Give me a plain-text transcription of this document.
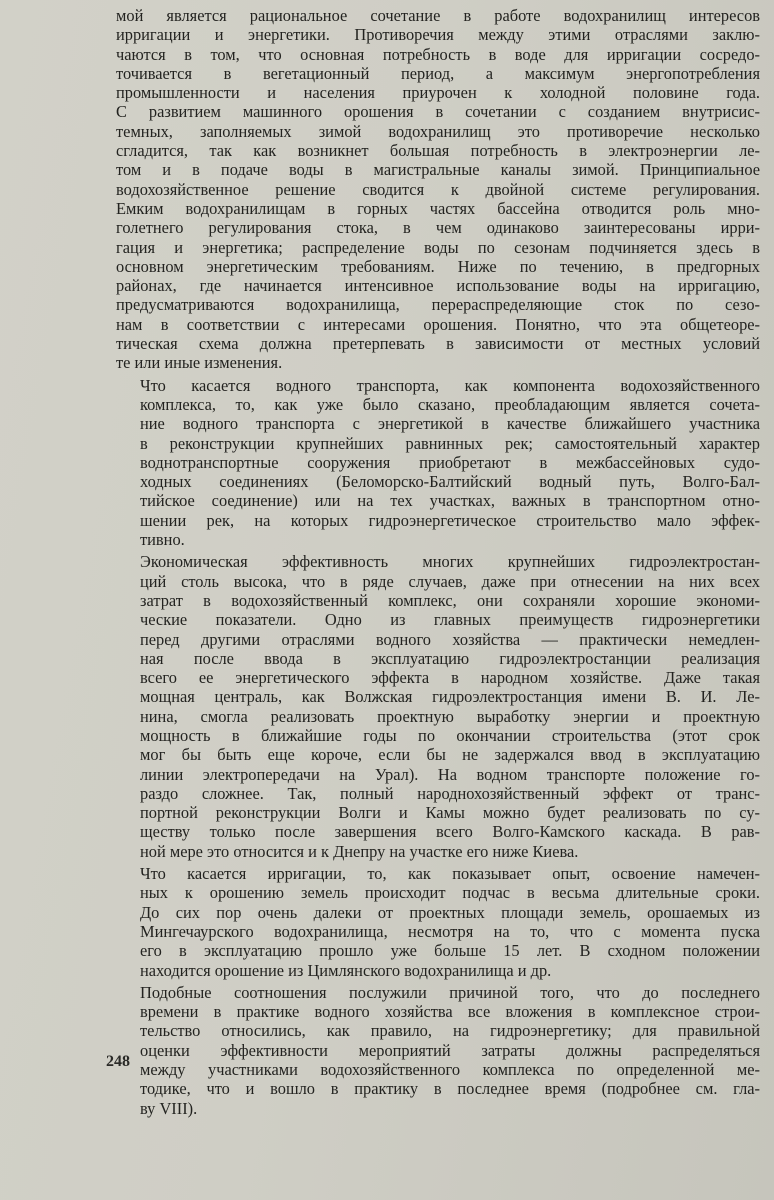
мой является рациональное сочетание в работе водохранилищ интересов
ирригации и энергетики. Противоречия между этими отраслями заклю-
чаются в том, что основная потребность в воде для ирригации сосредо-
точивается в вегетационный период, а максимум энергопотребления
промышленности и населения приурочен к холодной половине года.
С развитием машинного орошения в сочетании с созданием внутрисис-
темных, заполняемых зимой водохранилищ это противоречие несколько
сгладится, так как возникнет большая потребность в электроэнергии ле-
том и в подаче воды в магистральные каналы зимой. Принципиальное
водохозяйственное решение сводится к двойной системе регулирования.
Емким водохранилищам в горных частях бассейна отводится роль мно-
голетнего регулирования стока, в чем одинаково заинтересованы ирри-
гация и энергетика; распределение воды по сезонам подчиняется здесь в
основном энергетическим требованиям. Ниже по течению, в предгорных
районах, где начинается интенсивное использование воды на ирригацию,
предусматриваются водохранилища, перераспределяющие сток по сезо-
нам в соответствии с интересами орошения. Понятно, что эта общетеоре-
тическая схема должна претерпевать в зависимости от местных условий
те или иные изменения.

Что касается водного транспорта, как компонента водохозяйственного
комплекса, то, как уже было сказано, преобладающим является сочета-
ние водного транспорта с энергетикой в качестве ближайшего участника
в реконструкции крупнейших равнинных рек; самостоятельный характер
воднотранспортные сооружения приобретают в межбассейновых судо-
ходных соединениях (Беломорско-Балтийский водный путь, Волго-Бал-
тийское соединение) или на тех участках, важных в транспортном отно-
шении рек, на которых гидроэнергетическое строительство мало эффек-
тивно.

Экономическая эффективность многих крупнейших гидроэлектростан-
ций столь высока, что в ряде случаев, даже при отнесении на них всех
затрат в водохозяйственный комплекс, они сохраняли хорошие экономи-
ческие показатели. Одно из главных преимуществ гидроэнергетики
перед другими отраслями водного хозяйства — практически немедлен-
ная после ввода в эксплуатацию гидроэлектростанции реализация
всего ее энергетического эффекта в народном хозяйстве. Даже такая
мощная централь, как Волжская гидроэлектростанция имени В. И. Ле-
нина, смогла реализовать проектную выработку энергии и проектную
мощность в ближайшие годы по окончании строительства (этот срок
мог бы быть еще короче, если бы не задержался ввод в эксплуатацию
линии электропередачи на Урал). На водном транспорте положение го-
раздо сложнее. Так, полный народнохозяйственный эффект от транс-
портной реконструкции Волги и Камы можно будет реализовать по су-
ществу только после завершения всего Волго-Камского каскада. В рав-
ной мере это относится и к Днепру на участке его ниже Киева.

Что касается ирригации, то, как показывает опыт, освоение намечен-
ных к орошению земель происходит подчас в весьма длительные сроки.
До сих пор очень далеки от проектных площади земель, орошаемых из
Мингечаурского водохранилища, несмотря на то, что с момента пуска
его в эксплуатацию прошло уже больше 15 лет. В сходном положении
находится орошение из Цимлянского водохранилища и др.

Подобные соотношения послужили причиной того, что до последнего
времени в практике водного хозяйства все вложения в комплексное строи-
тельство относились, как правило, на гидроэнергетику; для правильной
оценки эффективности мероприятий затраты должны распределяться
между участниками водохозяйственного комплекса по определенной ме-
тодике, что и вошло в практику в последнее время (подробнее см. гла-
ву VIII).

248
